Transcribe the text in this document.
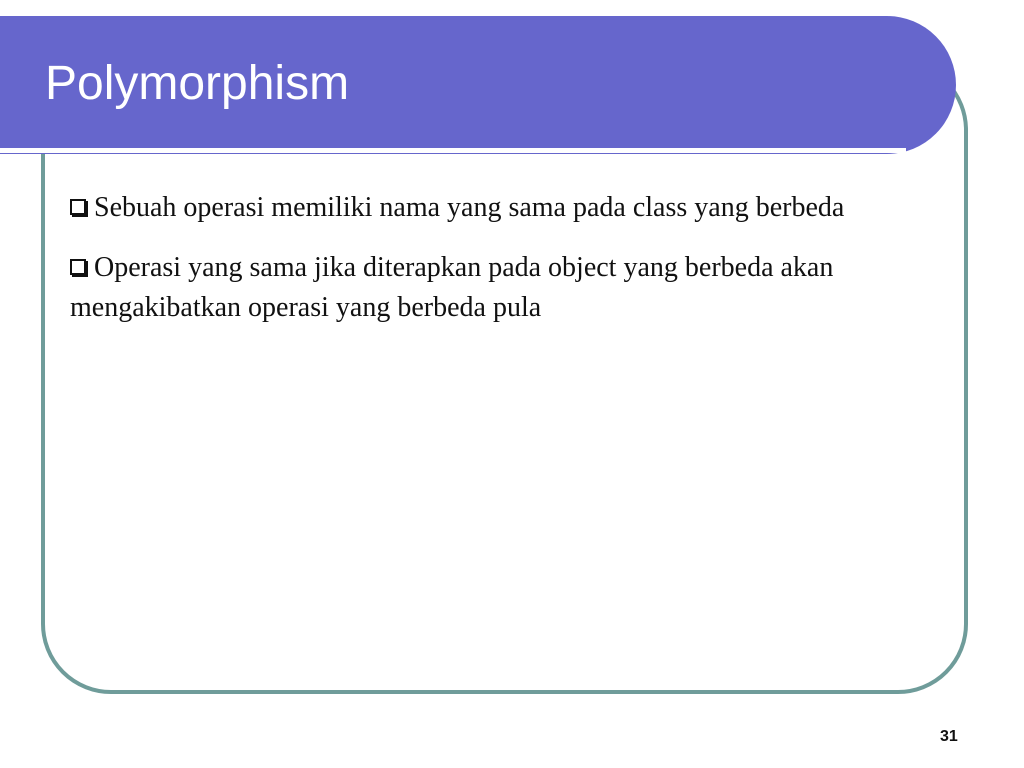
Polymorphism

Sebuah operasi memiliki nama yang sama pada class yang berbeda

Operasi yang sama jika diterapkan pada object yang berbeda akan mengakibatkan operasi yang berbeda pula

31
